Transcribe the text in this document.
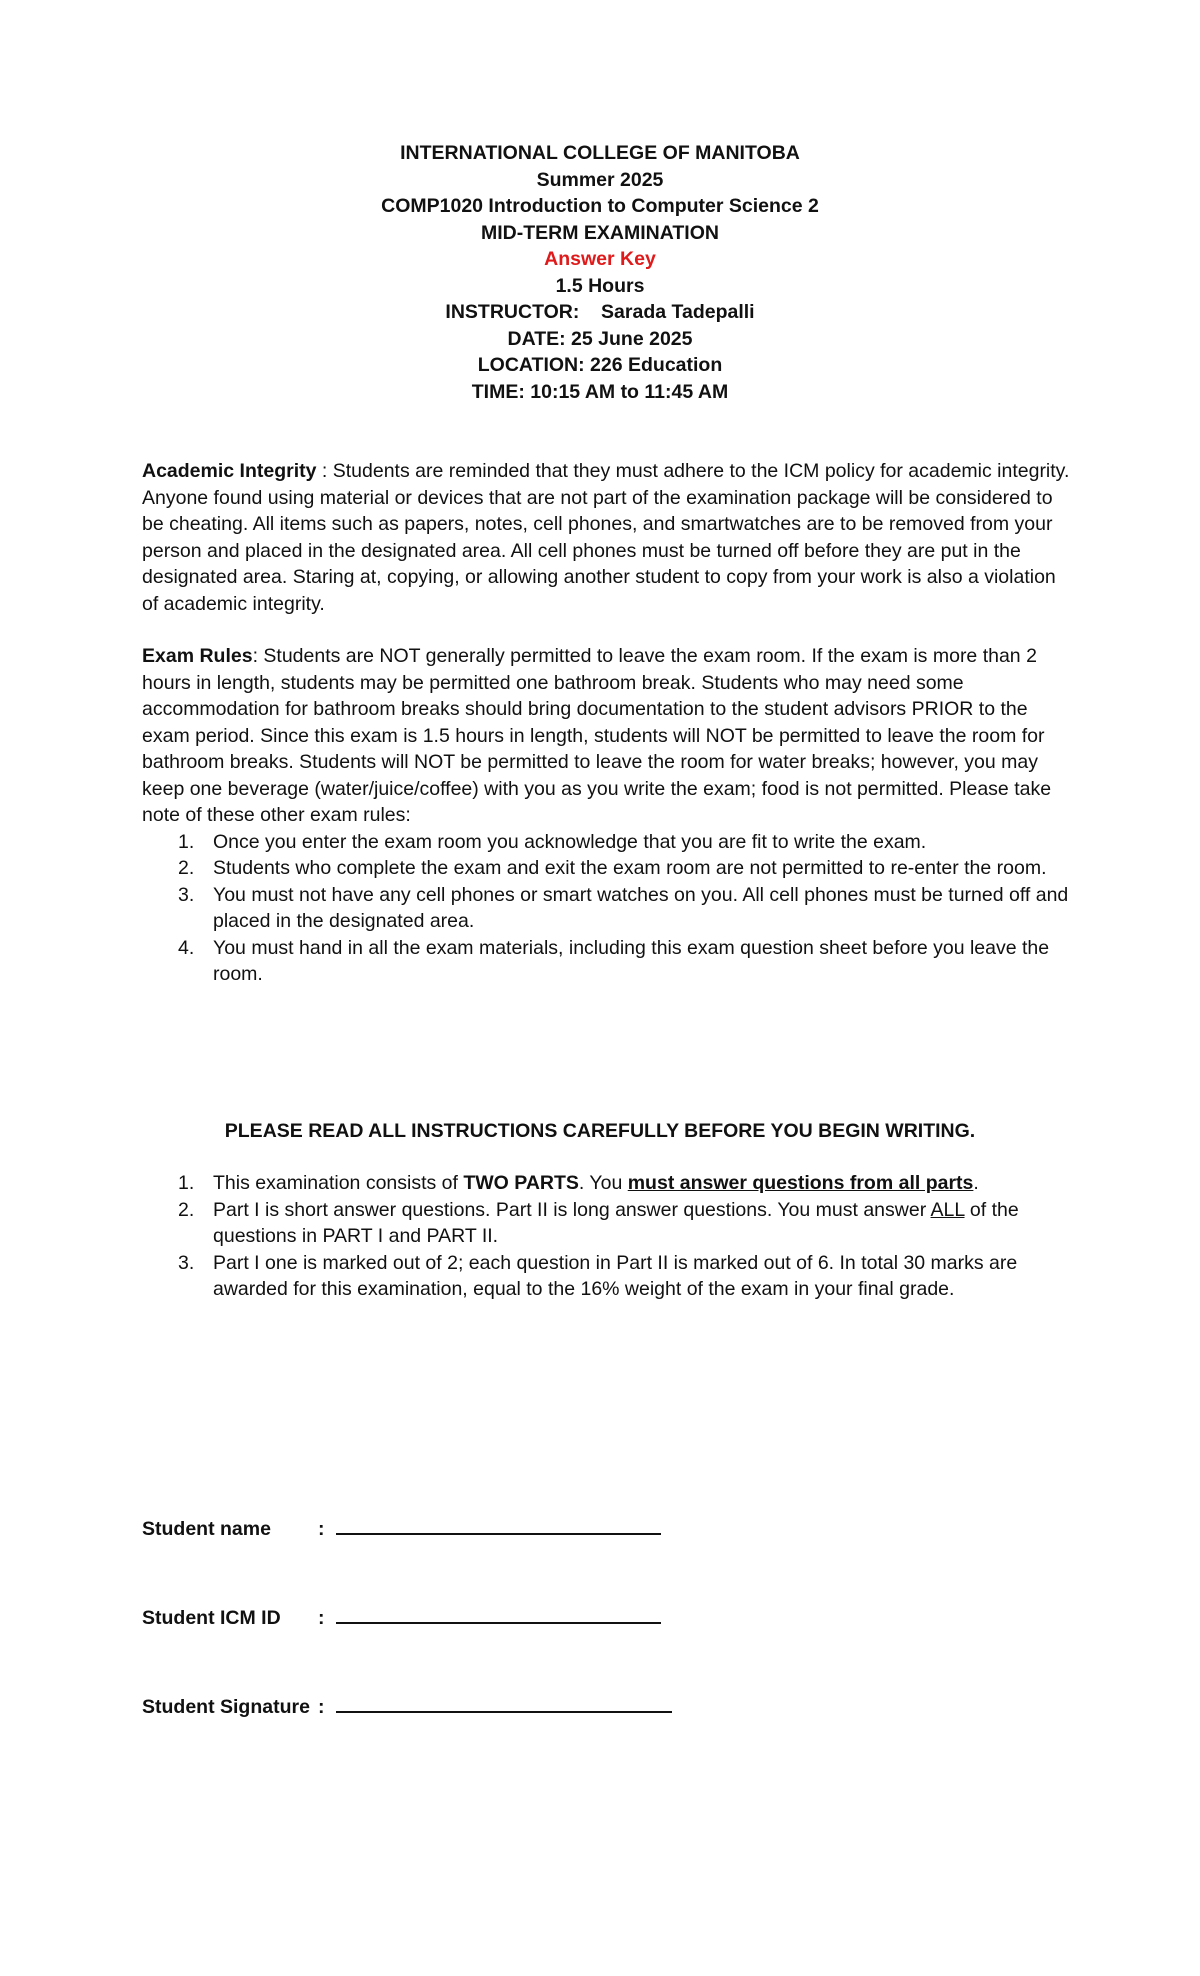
INTERNATIONAL COLLEGE OF MANITOBA
Summer 2025
COMP1020 Introduction to Computer Science 2
MID-TERM EXAMINATION
Answer Key
1.5 Hours
INSTRUCTOR:    Sarada Tadepalli
DATE: 25 June 2025
LOCATION: 226 Education
TIME: 10:15 AM to 11:45 AM
Academic Integrity : Students are reminded that they must adhere to the ICM policy for academic integrity. Anyone found using material or devices that are not part of the examination package will be considered to be cheating. All items such as papers, notes, cell phones, and smartwatches are to be removed from your person and placed in the designated area. All cell phones must be turned off before they are put in the designated area. Staring at, copying, or allowing another student to copy from your work is also a violation of academic integrity.
Exam Rules: Students are NOT generally permitted to leave the exam room. If the exam is more than 2 hours in length, students may be permitted one bathroom break. Students who may need some accommodation for bathroom breaks should bring documentation to the student advisors PRIOR to the exam period. Since this exam is 1.5 hours in length, students will NOT be permitted to leave the room for bathroom breaks. Students will NOT be permitted to leave the room for water breaks; however, you may keep one beverage (water/juice/coffee) with you as you write the exam; food is not permitted. Please take note of these other exam rules:
1. Once you enter the exam room you acknowledge that you are fit to write the exam.
2. Students who complete the exam and exit the exam room are not permitted to re-enter the room.
3. You must not have any cell phones or smart watches on you. All cell phones must be turned off and placed in the designated area.
4. You must hand in all the exam materials, including this exam question sheet before you leave the room.
PLEASE READ ALL INSTRUCTIONS CAREFULLY BEFORE YOU BEGIN WRITING.
1. This examination consists of TWO PARTS. You must answer questions from all parts.
2. Part I is short answer questions. Part II is long answer questions. You must answer ALL of the questions in PART I and PART II.
3. Part I one is marked out of 2; each question in Part II is marked out of 6. In total 30 marks are awarded for this examination, equal to the 16% weight of the exam in your final grade.
Student name :
Student ICM ID :
Student Signature :
